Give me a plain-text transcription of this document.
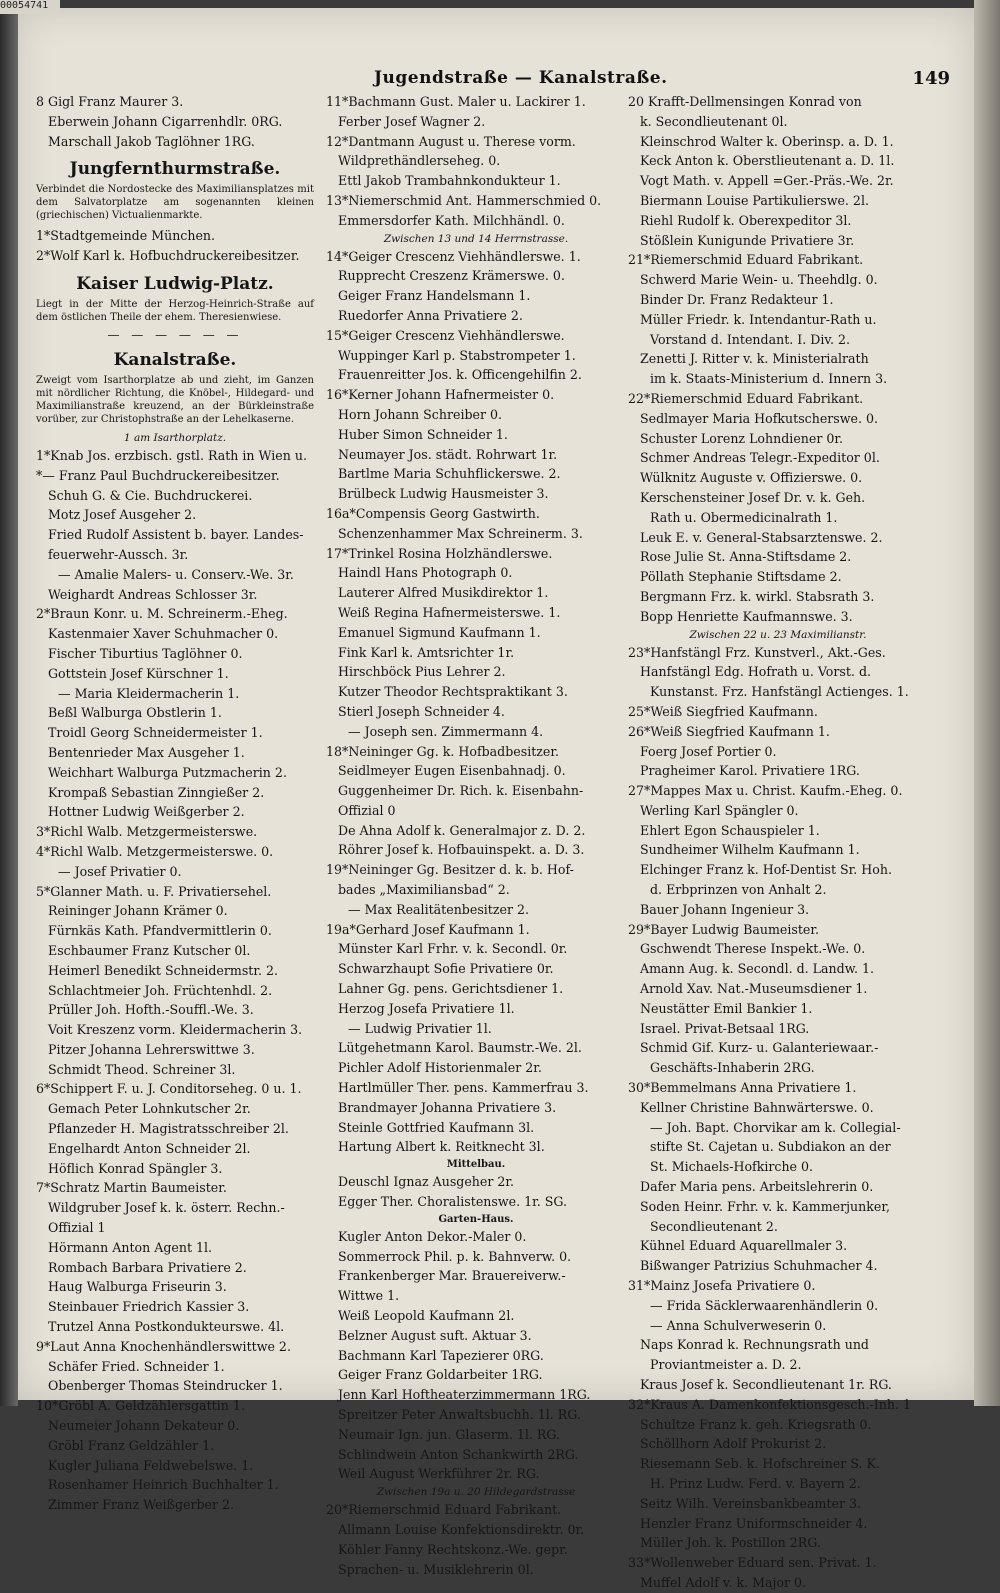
Jugendstraße — Kanalstraße.	149
8 Gigl Franz Maurer 3.
Eberwein Johann Cigarrenhdlr. 0RG.
Marschall Jakob Taglöhner 1RG.
Jungfernthurmstraße.
Verbindet die Nordostecke des Maximiliansplatzes mit dem Salvatorplatze am sogenannten kleinen (griechischen) Victualienmarkte.
1*Stadtgemeinde München.
2*Wolf Karl k. Hofbuchdruckereibesitzer.
Kaiser Ludwig-Platz.
Liegt in der Mitte der Herzog-Heinrich-Straße auf dem östlichen Theile der ehem. Theresienwiese.
— — — — — —
Kanalstraße.
Zweigt vom Isarthorplatze ab und zieht, im Ganzen mit nördlicher Richtung, die Knöbel-, Hildegard- und Maximilianstraße kreuzend, an der Bürkleinstraße vorüber, zur Christophstraße an der Lehelkaserne.
1 am Isarthorplatz.
1*Knab Jos. erzbisch. gstl. Rath in Wien u.
*— Franz Paul Buchdruckereibesitzer.
Schuh G. & Cie. Buchdruckerei.
Motz Josef Ausgeher 2.
Fried Rudolf Assistent b. bayer. Landes-
feuerwehr-Aussch. 3r.
— Amalie Malers- u. Conserv.-We. 3r.
Weighardt Andreas Schlosser 3r.
2*Braun Konr. u. M. Schreinerm.-Eheg.
Kastenmaier Xaver Schuhmacher 0.
Fischer Tiburtius Taglöhner 0.
Gottstein Josef Kürschner 1.
— Maria Kleidermacherin 1.
Beßl Walburga Obstlerin 1.
Troidl Georg Schneidermeister 1.
Bentenrieder Max Ausgeher 1.
Weichhart Walburga Putzmacherin 2.
Krompaß Sebastian Zinngießer 2.
Hottner Ludwig Weißgerber 2.
3*Richl Walb. Metzgermeisterswe.
4*Richl Walb. Metzgermeisterswe. 0.
— Josef Privatier 0.
5*Glanner Math. u. F. Privatiersehel.
Reininger Johann Krämer 0.
Fürnkäs Kath. Pfandvermittlerin 0.
Eschbaumer Franz Kutscher 0l.
Heimerl Benedikt Schneidermstr. 2.
Schlachtmeier Joh. Früchtenhdl. 2.
Prüller Joh. Hofth.-Souffl.-We. 3.
Voit Kreszenz vorm. Kleidermacherin 3.
Pitzer Johanna Lehrerswittwe 3.
Schmidt Theod. Schreiner 3l.
6*Schippert F. u. J. Conditorseheg. 0 u. 1.
Gemach Peter Lohnkutscher 2r.
Pflanzeder H. Magistratsschreiber 2l.
Engelhardt Anton Schneider 2l.
Höflich Konrad Spängler 3.
7*Schratz Martin Baumeister.
Wildgruber Josef k. k. österr. Rechn.-
Offizial 1
Hörmann Anton Agent 1l.
Rombach Barbara Privatiere 2.
Haug Walburga Friseurin 3.
Steinbauer Friedrich Kassier 3.
Trutzel Anna Postkondukteurswe. 4l.
9*Laut Anna Knochenhändlerswittwe 2.
Schäfer Fried. Schneider 1.
Obenberger Thomas Steindrucker 1.
10*Gröbl A. Geldzählersgattin 1.
Neumeier Johann Dekateur 0.
Gröbl Franz Geldzähler 1.
Kugler Juliana Feldwebelswe. 1.
Rosenhamer Heinrich Buchhalter 1.
Zimmer Franz Weißgerber 2.
11*Bachmann Gust. Maler u. Lackirer 1.
Ferber Josef Wagner 2.
12*Dantmann August u. Therese vorm.
Wildprethändlerseheg. 0.
Ettl Jakob Trambahnkondukteur 1.
13*Niemerschmid Ant. Hammerschmied 0.
Emmersdorfer Kath. Milchhändl. 0.
Zwischen 13 und 14 Herrnstrasse.
14*Geiger Crescenz Viehhändlerswe. 1.
Rupprecht Creszenz Krämerswe. 0.
Geiger Franz Handelsmann 1.
Ruedorfer Anna Privatiere 2.
15*Geiger Crescenz Viehhändlerswe.
Wuppinger Karl p. Stabstrompeter 1.
Frauenreitter Jos. k. Officengehilfin 2.
16*Kerner Johann Hafnermeister 0.
Horn Johann Schreiber 0.
Huber Simon Schneider 1.
Neumayer Jos. städt. Rohrwart 1r.
Bartlme Maria Schuhflickerswe. 2.
Brülbeck Ludwig Hausmeister 3.
16a*Compensis Georg Gastwirth.
Schenzenhammer Max Schreinerm. 3.
17*Trinkel Rosina Holzhändlerswe.
Haindl Hans Photograph 0.
Lauterer Alfred Musikdirektor 1.
Weiß Regina Hafnermeisterswe. 1.
Emanuel Sigmund Kaufmann 1.
Fink Karl k. Amtsrichter 1r.
Hirschböck Pius Lehrer 2.
Kutzer Theodor Rechtspraktikant 3.
Stierl Joseph Schneider 4.
— Joseph sen. Zimmermann 4.
18*Neininger Gg. k. Hofbadbesitzer.
Seidlmeyer Eugen Eisenbahnadj. 0.
Guggenheimer Dr. Rich. k. Eisenbahn-
Offizial 0
De Ahna Adolf k. Generalmajor z. D. 2.
Röhrer Josef k. Hofbauinspekt. a. D. 3.
19*Neininger Gg. Besitzer d. k. b. Hof-
bades „Maximiliansbad“ 2.
— Max Realitätenbesitzer 2.
19a*Gerhard Josef Kaufmann 1.
Münster Karl Frhr. v. k. Secondl. 0r.
Schwarzhaupt Sofie Privatiere 0r.
Lahner Gg. pens. Gerichtsdiener 1.
Herzog Josefa Privatiere 1l.
— Ludwig Privatier 1l.
Lütgehetmann Karol. Baumstr.-We. 2l.
Pichler Adolf Historienmaler 2r.
Hartlmüller Ther. pens. Kammerfrau 3.
Brandmayer Johanna Privatiere 3.
Steinle Gottfried Kaufmann 3l.
Hartung Albert k. Reitknecht 3l.
Mittelbau.
Deuschl Ignaz Ausgeher 2r.
Egger Ther. Choralistenswe. 1r. SG.
Garten-Haus.
Kugler Anton Dekor.-Maler 0.
Sommerrock Phil. p. k. Bahnverw. 0.
Frankenberger Mar. Brauereiverw.-
Wittwe 1.
Weiß Leopold Kaufmann 2l.
Belzner August suft. Aktuar 3.
Bachmann Karl Tapezierer 0RG.
Geiger Franz Goldarbeiter 1RG.
Jenn Karl Hoftheaterzimmermann 1RG.
Spreitzer Peter Anwaltsbuchh. 1l. RG.
Neumair Ign. jun. Glaserm. 1l. RG.
Schlindwein Anton Schankwirth 2RG.
Weil August Werkführer 2r. RG.
Zwischen 19a u. 20 Hildegardstrasse
20*Riemerschmid Eduard Fabrikant.
Allmann Louise Konfektionsdirektr. 0r.
Köhler Fanny Rechtskonz.-We. gepr.
Sprachen- u. Musiklehrerin 0l.
20 Krafft-Dellmensingen Konrad von
k. Secondlieutenant 0l.
Kleinschrod Walter k. Oberinsp. a. D. 1.
Keck Anton k. Oberstlieutenant a. D. 1l.
Vogt Math. v. Appell =Ger.-Präs.-We. 2r.
Biermann Louise Partikulierswe. 2l.
Riehl Rudolf k. Oberexpeditor 3l.
Stößlein Kunigunde Privatiere 3r.
21*Riemerschmid Eduard Fabrikant.
Schwerd Marie Wein- u. Theehdlg. 0.
Binder Dr. Franz Redakteur 1.
Müller Friedr. k. Intendantur-Rath u.
Vorstand d. Intendant. I. Div. 2.
Zenetti J. Ritter v. k. Ministerialrath
im k. Staats-Ministerium d. Innern 3.
22*Riemerschmid Eduard Fabrikant.
Sedlmayer Maria Hofkutscherswe. 0.
Schuster Lorenz Lohndiener 0r.
Schmer Andreas Telegr.-Expeditor 0l.
Wülknitz Auguste v. Offizierswe. 0.
Kerschensteiner Josef Dr. v. k. Geh.
Rath u. Obermedicinalrath 1.
Leuk E. v. General-Stabsarztenswe. 2.
Rose Julie St. Anna-Stiftsdame 2.
Pöllath Stephanie Stiftsdame 2.
Bergmann Frz. k. wirkl. Stabsrath 3.
Bopp Henriette Kaufmannswe. 3.
Zwischen 22 u. 23 Maximilianstr.
23*Hanfstängl Frz. Kunstverl., Akt.-Ges.
Hanfstängl Edg. Hofrath u. Vorst. d.
Kunstanst. Frz. Hanfstängl Actienges. 1.
25*Weiß Siegfried Kaufmann.
26*Weiß Siegfried Kaufmann 1.
Foerg Josef Portier 0.
Pragheimer Karol. Privatiere 1RG.
27*Mappes Max u. Christ. Kaufm.-Eheg. 0.
Werling Karl Spängler 0.
Ehlert Egon Schauspieler 1.
Sundheimer Wilhelm Kaufmann 1.
Elchinger Franz k. Hof-Dentist Sr. Hoh.
d. Erbprinzen von Anhalt 2.
Bauer Johann Ingenieur 3.
29*Bayer Ludwig Baumeister.
Gschwendt Therese Inspekt.-We. 0.
Amann Aug. k. Secondl. d. Landw. 1.
Arnold Xav. Nat.-Museumsdiener 1.
Neustätter Emil Bankier 1.
Israel. Privat-Betsaal 1RG.
Schmid Gif. Kurz- u. Galanteriewaar.-
Geschäfts-Inhaberin 2RG.
30*Bemmelmans Anna Privatiere 1.
Kellner Christine Bahnwärterswe. 0.
— Joh. Bapt. Chorvikar am k. Collegial-
stifte St. Cajetan u. Subdiakon an der
St. Michaels-Hofkirche 0.
Dafer Maria pens. Arbeitslehrerin 0.
Soden Heinr. Frhr. v. k. Kammerjunker,
Secondlieutenant 2.
Kühnel Eduard Aquarellmaler 3.
Bißwanger Patrizius Schuhmacher 4.
31*Mainz Josefa Privatiere 0.
— Frida Säcklerwaarenhändlerin 0.
— Anna Schulverweserin 0.
Naps Konrad k. Rechnungsrath und
Proviantmeister a. D. 2.
Kraus Josef k. Secondlieutenant 1r. RG.
32*Kraus A. Damenkonfektionsgesch.-Inh. 1
Schultze Franz k. geh. Kriegsrath 0.
Schöllhorn Adolf Prokurist 2.
Riesemann Seb. k. Hofschreiner S. K.
H. Prinz Ludw. Ferd. v. Bayern 2.
Seitz Wilh. Vereinsbankbeamter 3.
Henzler Franz Uniformschneider 4.
Müller Joh. k. Postillon 2RG.
33*Wollenweber Eduard sen. Privat. 1.
Muffel Adolf v. k. Major 0.
00054741
